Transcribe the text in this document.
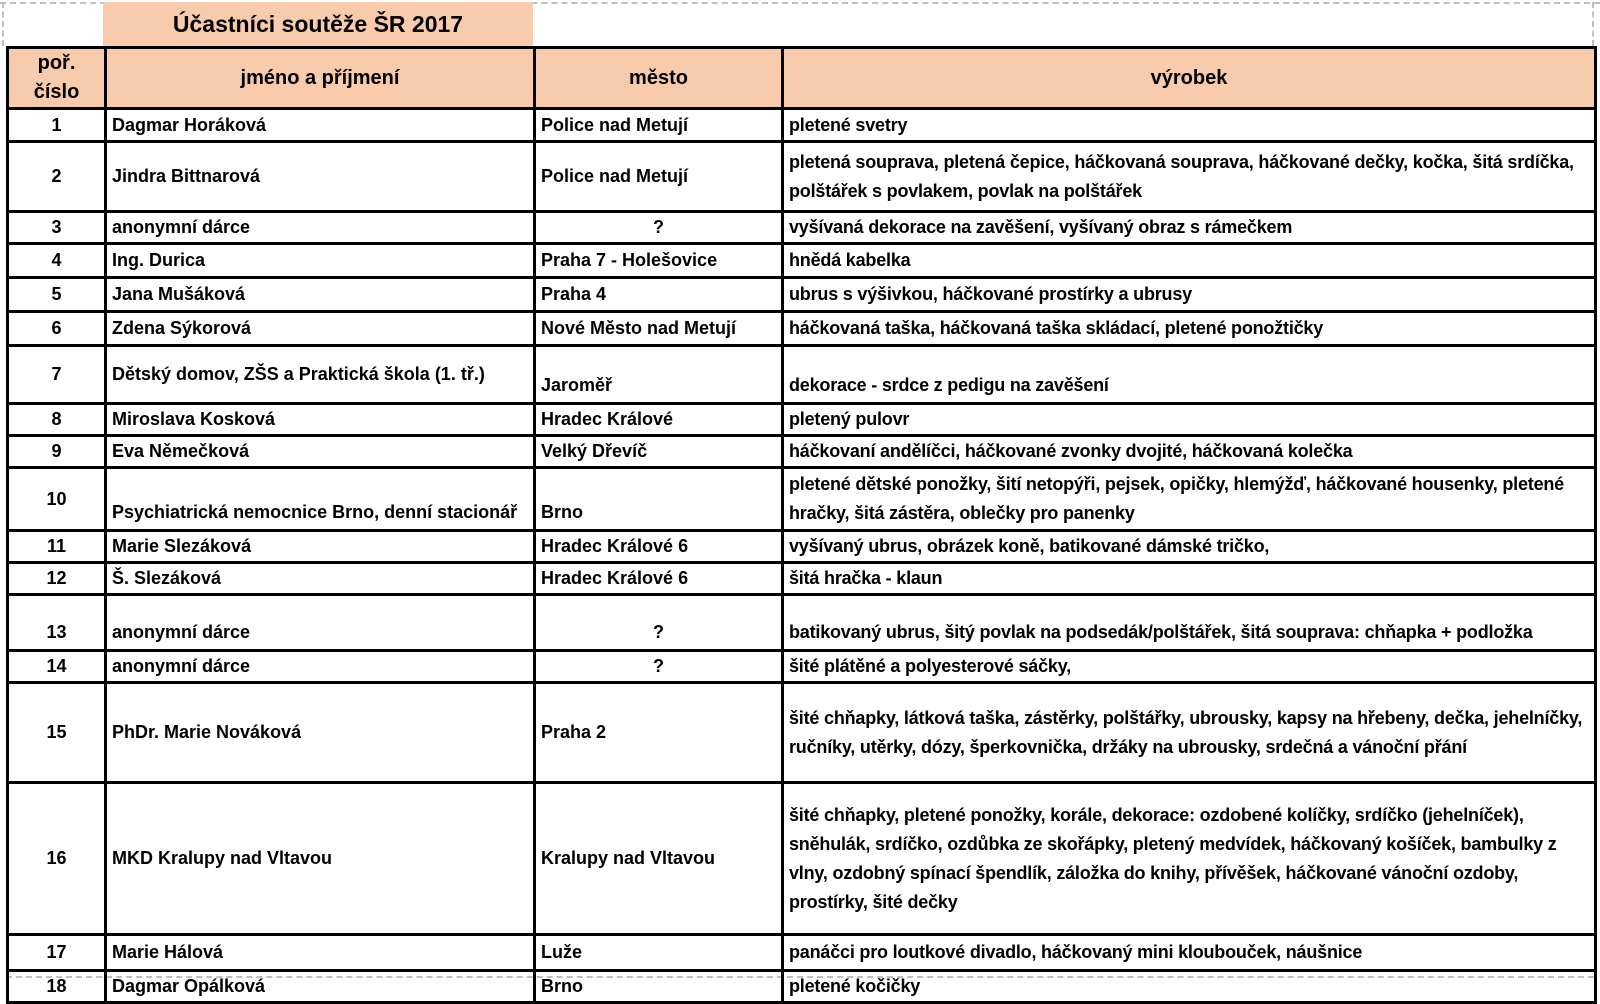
Účastníci soutěže ŠR 2017
poř. číslo	jméno a příjmení	město	výrobek
1	Dagmar Horáková	Police nad Metují	pletené svetry
2	Jindra Bittnarová	Police nad Metují	pletená souprava, pletená čepice, háčkovaná souprava, háčkované dečky, kočka, šitá srdíčka, polštářek s povlakem, povlak na polštářek
3	anonymní dárce	?	vyšívaná dekorace na zavěšení, vyšívaný obraz s rámečkem
4	Ing. Durica	Praha 7 - Holešovice	hnědá kabelka
5	Jana Mušáková	Praha 4	ubrus s výšivkou, háčkované prostírky a ubrusy
6	Zdena Sýkorová	Nové Město nad Metují	háčkovaná taška, háčkovaná taška skládací, pletené ponožtičky
7	Dětský domov, ZŠS a Praktická škola (1. tř.)	Jaroměř	dekorace - srdce z pedigu na zavěšení
8	Miroslava Kosková	Hradec Králové	pletený pulovr
9	Eva Němečková	Velký Dřevíč	háčkovaní andělíčci, háčkované zvonky dvojité, háčkovaná kolečka
10	Psychiatrická nemocnice Brno, denní stacionář	Brno	pletené dětské ponožky, šití netopýři, pejsek, opičky, hlemýžď, háčkované housenky, pletené hračky, šitá zástěra, oblečky pro panenky
11	Marie Slezáková	Hradec Králové 6	vyšívaný ubrus, obrázek koně, batikované dámské tričko,
12	Š. Slezáková	Hradec Králové 6	šitá hračka - klaun
13	anonymní dárce	?	batikovaný ubrus, šitý povlak na podsedák/polštářek, šitá souprava: chňapka + podložka
14	anonymní dárce	?	šité plátěné a polyesterové sáčky,
15	PhDr. Marie Nováková	Praha 2	šité chňapky, látková taška, zástěrky, polštářky, ubrousky, kapsy na hřebeny, dečka, jehelníčky, ručníky, utěrky, dózy, šperkovnička, držáky na ubrousky, srdečná a vánoční přání
16	MKD Kralupy nad Vltavou	Kralupy nad Vltavou	šité chňapky, pletené ponožky, korále, dekorace: ozdobené kolíčky, srdíčko (jehelníček), sněhulák, srdíčko, ozdůbka ze skořápky, pletený medvídek, háčkovaný košíček, bambulky z vlny, ozdobný spínací špendlík, záložka do knihy, přívěšek, háčkované vánoční ozdoby, prostírky, šité dečky
17	Marie Hálová	Luže	panáčci pro loutkové divadlo, háčkovaný mini kloubouček, náušnice
18	Dagmar Opálková	Brno	pletené kočičky
